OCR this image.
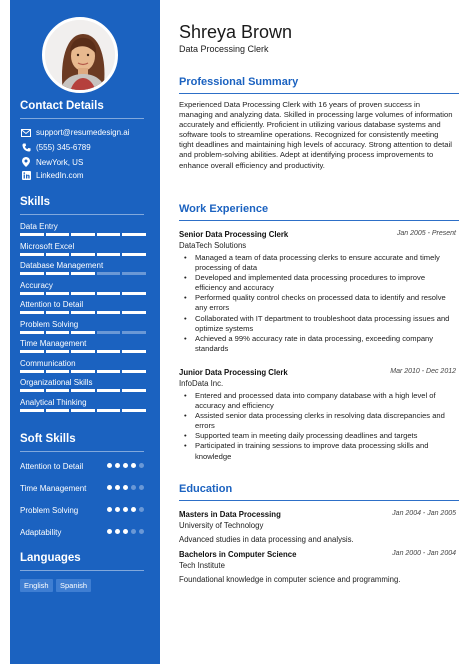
Contact Details
support@resumedesign.ai
(555) 345-6789
NewYork, US
LinkedIn.com
Skills
Data Entry
Microsoft Excel
Database Management
Accuracy
Attention to Detail
Problem Solving
Time Management
Communication
Organizational Skills
Analytical Thinking
Soft Skills
Attention to Detail
Time Management
Problem Solving
Adaptability
Languages
English	Spanish
Shreya Brown
Data Processing Clerk
Professional Summary
Experienced Data Processing Clerk with 16 years of proven success in managing and analyzing data. Skilled in processing large volumes of information accurately and efficiently. Proficient in utilizing various database systems and software tools to streamline operations. Recognized for consistently meeting tight deadlines and maintaining high levels of accuracy. Strong attention to detail and problem-solving abilities. Adept at identifying process improvements to enhance overall efficiency and productivity.
Work Experience
Senior Data Processing Clerk	Jan 2005 - Present
DataTech Solutions
• Managed a team of data processing clerks to ensure accurate and timely processing of data
• Developed and implemented data processing procedures to improve efficiency and accuracy
• Performed quality control checks on processed data to identify and resolve any errors
• Collaborated with IT department to troubleshoot data processing issues and optimize systems
• Achieved a 99% accuracy rate in data processing, exceeding company standards
Junior Data Processing Clerk	Mar 2010 - Dec 2012
InfoData Inc.
• Entered and processed data into company database with a high level of accuracy and efficiency
• Assisted senior data processing clerks in resolving data discrepancies and errors
• Supported team in meeting daily processing deadlines and targets
• Participated in training sessions to improve data processing skills and knowledge
Education
Masters in Data Processing	Jan 2004 - Jan 2005
University of Technology
Advanced studies in data processing and analysis.
Bachelors in Computer Science	Jan 2000 - Jan 2004
Tech Institute
Foundational knowledge in computer science and programming.
